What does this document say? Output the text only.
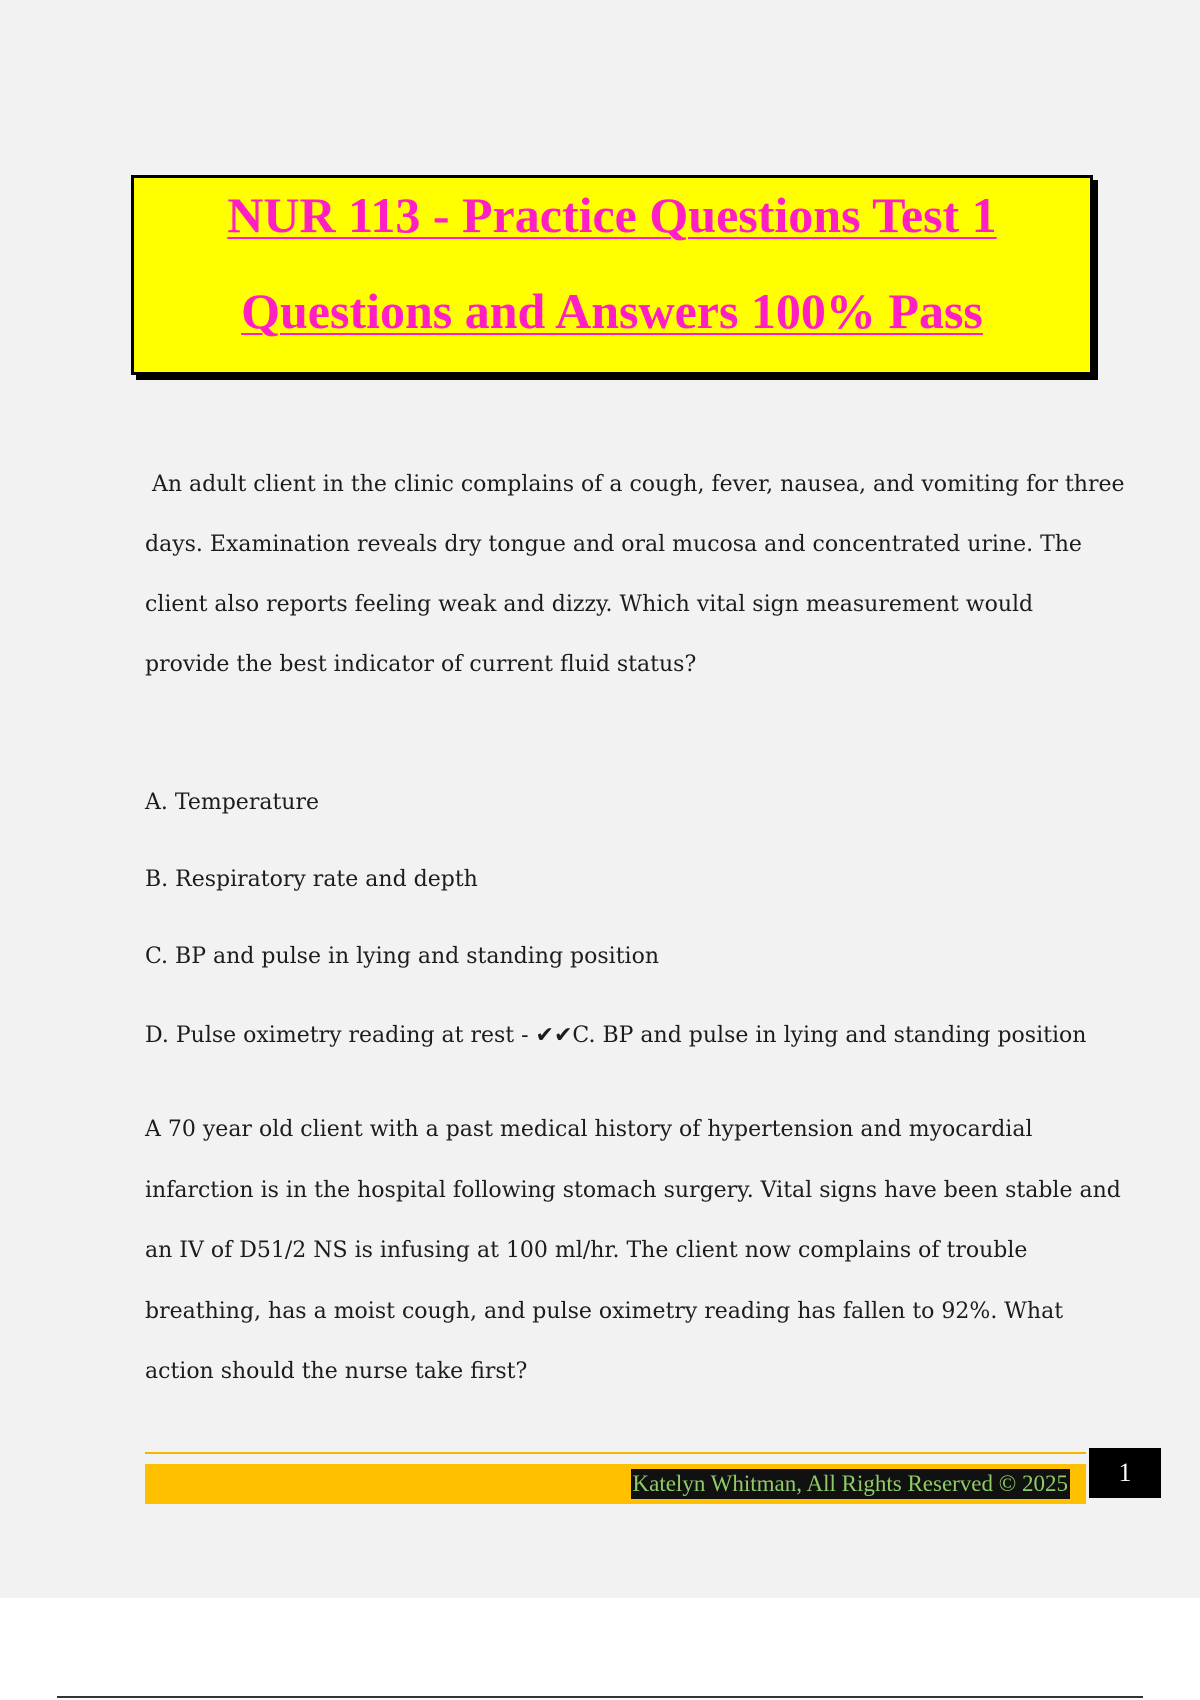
NUR 113 - Practice Questions Test 1
Questions and Answers 100% Pass
An adult client in the clinic complains of a cough, fever, nausea, and vomiting for three
days. Examination reveals dry tongue and oral mucosa and concentrated urine. The
client also reports feeling weak and dizzy. Which vital sign measurement would
provide the best indicator of current fluid status?
A. Temperature
B. Respiratory rate and depth
C. BP and pulse in lying and standing position
D. Pulse oximetry reading at rest - ✔✔C. BP and pulse in lying and standing position
A 70 year old client with a past medical history of hypertension and myocardial
infarction is in the hospital following stomach surgery. Vital signs have been stable and
an IV of D51/2 NS is infusing at 100 ml/hr. The client now complains of trouble
breathing, has a moist cough, and pulse oximetry reading has fallen to 92%. What
action should the nurse take first?
Katelyn Whitman, All Rights Reserved © 2025	1
